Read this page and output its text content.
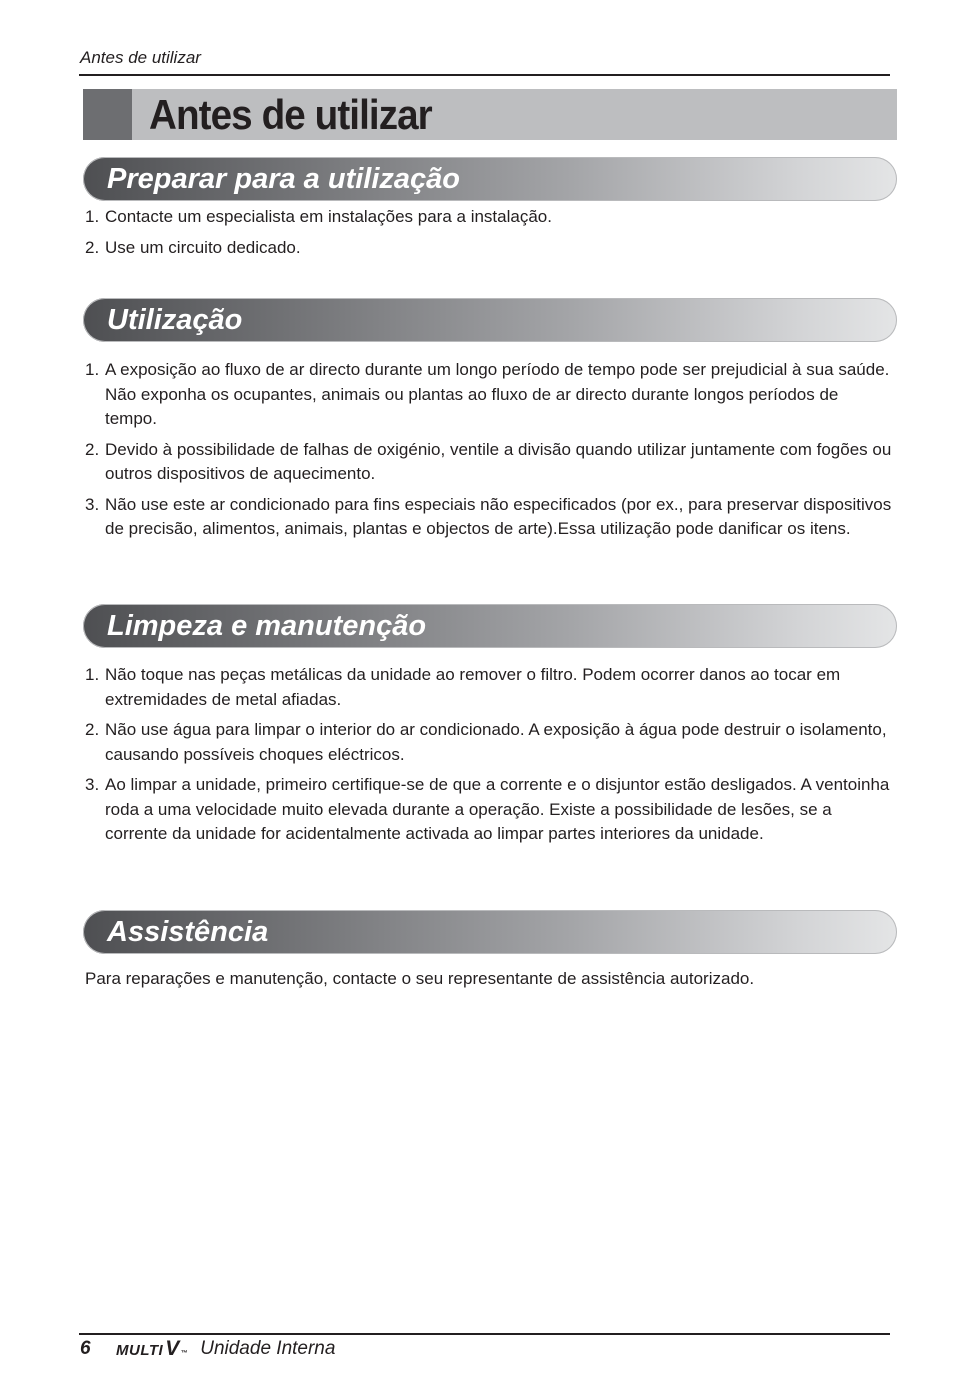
Antes de utilizar
Antes de utilizar
Preparar para a utilização
1. Contacte um especialista em instalações para a instalação.
2. Use um circuito dedicado.
Utilização
1. A exposição ao fluxo de ar directo durante um longo período de tempo pode ser prejudicial à sua saúde. Não exponha os ocupantes, animais ou plantas ao fluxo de ar directo durante longos períodos de tempo.
2. Devido à possibilidade de falhas de oxigénio, ventile a divisão quando utilizar juntamente com fogões ou outros dispositivos de aquecimento.
3. Não use este ar condicionado para fins especiais não especificados (por ex., para preservar dispositivos de precisão, alimentos, animais, plantas e objectos de arte).Essa utilização pode danificar os itens.
Limpeza e manutenção
1. Não toque nas peças metálicas da unidade ao remover o filtro. Podem ocorrer danos ao tocar em extremidades de metal afiadas.
2. Não use água para limpar o interior do ar condicionado. A exposição à água pode destruir o isolamento, causando possíveis choques eléctricos.
3. Ao limpar a unidade, primeiro certifique-se de que a corrente e o disjuntor estão desligados. A ventoinha roda a uma velocidade muito elevada durante a operação. Existe a possibilidade de lesões, se a corrente da unidade for acidentalmente activada ao limpar partes interiores da unidade.
Assistência

Para reparações e manutenção, contacte o seu representante de assistência autorizado.

6	MULTI V ™ Unidade Interna
